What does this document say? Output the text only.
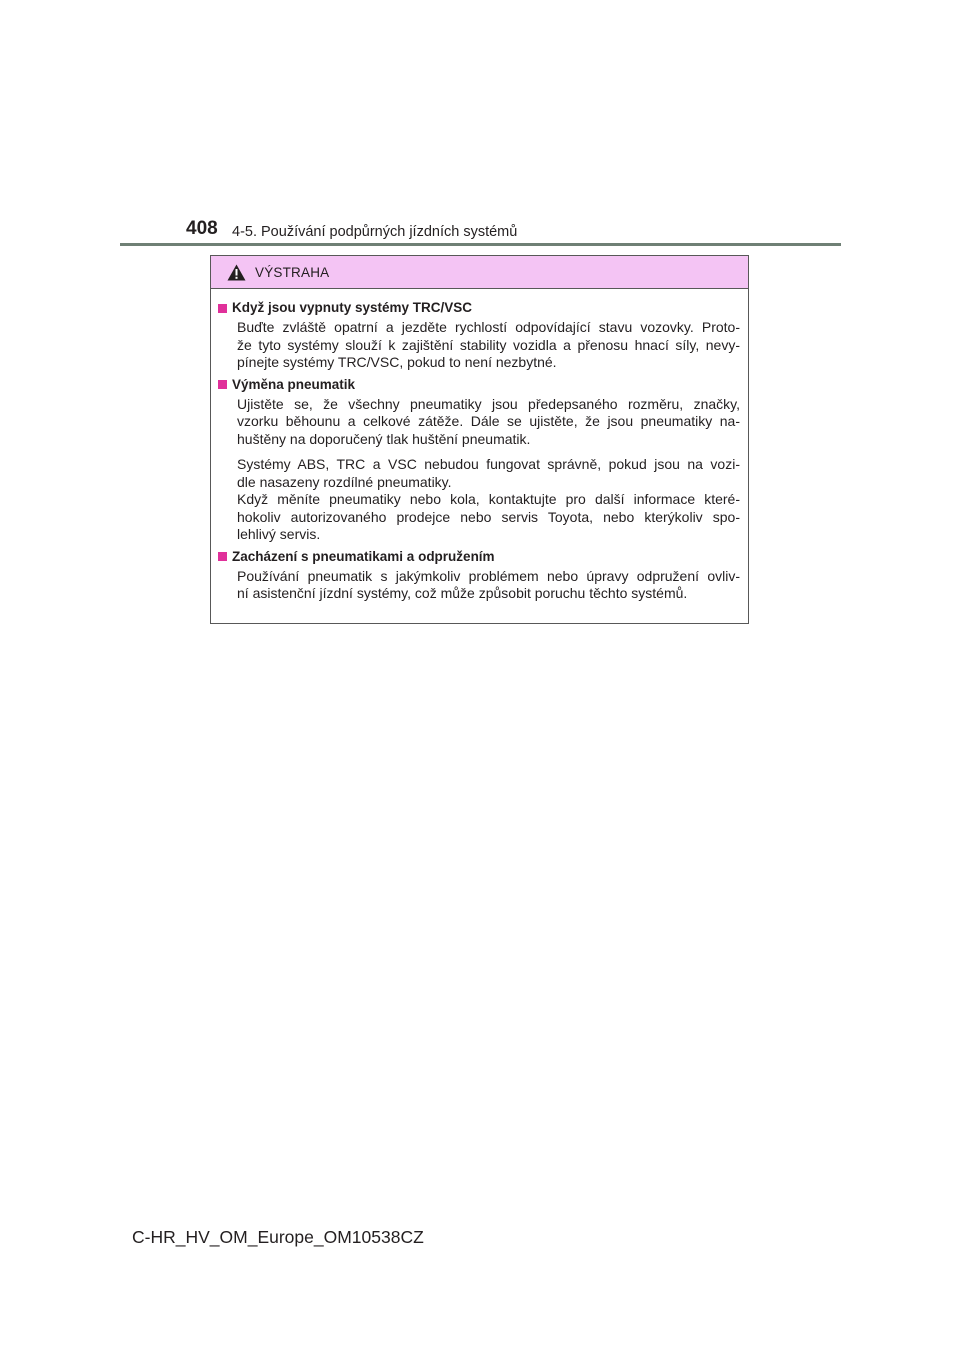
408 4-5. Používání podpůrných jízdních systémů
VÝSTRAHA
Když jsou vypnuty systémy TRC/VSC
Buďte zvláště opatrní a jezděte rychlostí odpovídající stavu vozovky. Proto-
že tyto systémy slouží k zajištění stability vozidla a přenosu hnací síly, nevy-
pínejte systémy TRC/VSC, pokud to není nezbytné.
Výměna pneumatik
Ujistěte se, že všechny pneumatiky jsou předepsaného rozměru, značky,
vzorku běhounu a celkové zátěže. Dále se ujistěte, že jsou pneumatiky na-
huštěny na doporučený tlak huštění pneumatik.
Systémy ABS, TRC a VSC nebudou fungovat správně, pokud jsou na vozi-
dle nasazeny rozdílné pneumatiky.
Když měníte pneumatiky nebo kola, kontaktujte pro další informace které-
hokoliv autorizovaného prodejce nebo servis Toyota, nebo kterýkoliv spo-
lehlivý servis.
Zacházení s pneumatikami a odpružením
Používání pneumatik s jakýmkoliv problémem nebo úpravy odpružení ovliv-
ní asistenční jízdní systémy, což může způsobit poruchu těchto systémů.
C-HR_HV_OM_Europe_OM10538CZ
